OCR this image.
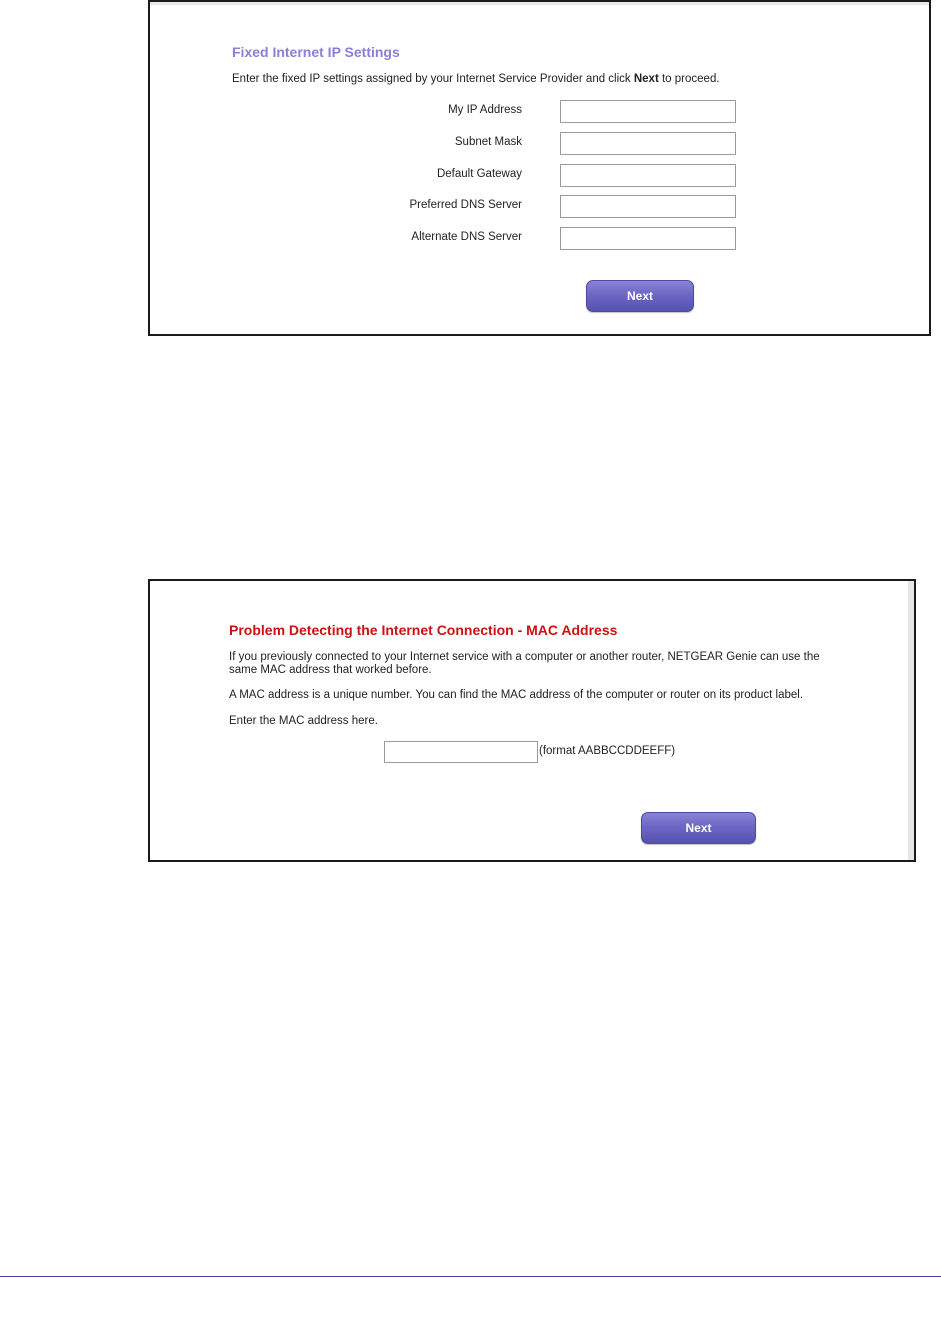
Fixed Internet IP Settings
Enter the fixed IP settings assigned by your Internet Service Provider and click Next to proceed.
My IP Address
Subnet Mask
Default Gateway
Preferred DNS Server
Alternate DNS Server
Next
Problem Detecting the Internet Connection - MAC Address
If you previously connected to your Internet service with a computer or another router, NETGEAR Genie can use the same MAC address that worked before.
A MAC address is a unique number. You can find the MAC address of the computer or router on its product label.
Enter the MAC address here.
(format AABBCCDDEEFF)
Next
